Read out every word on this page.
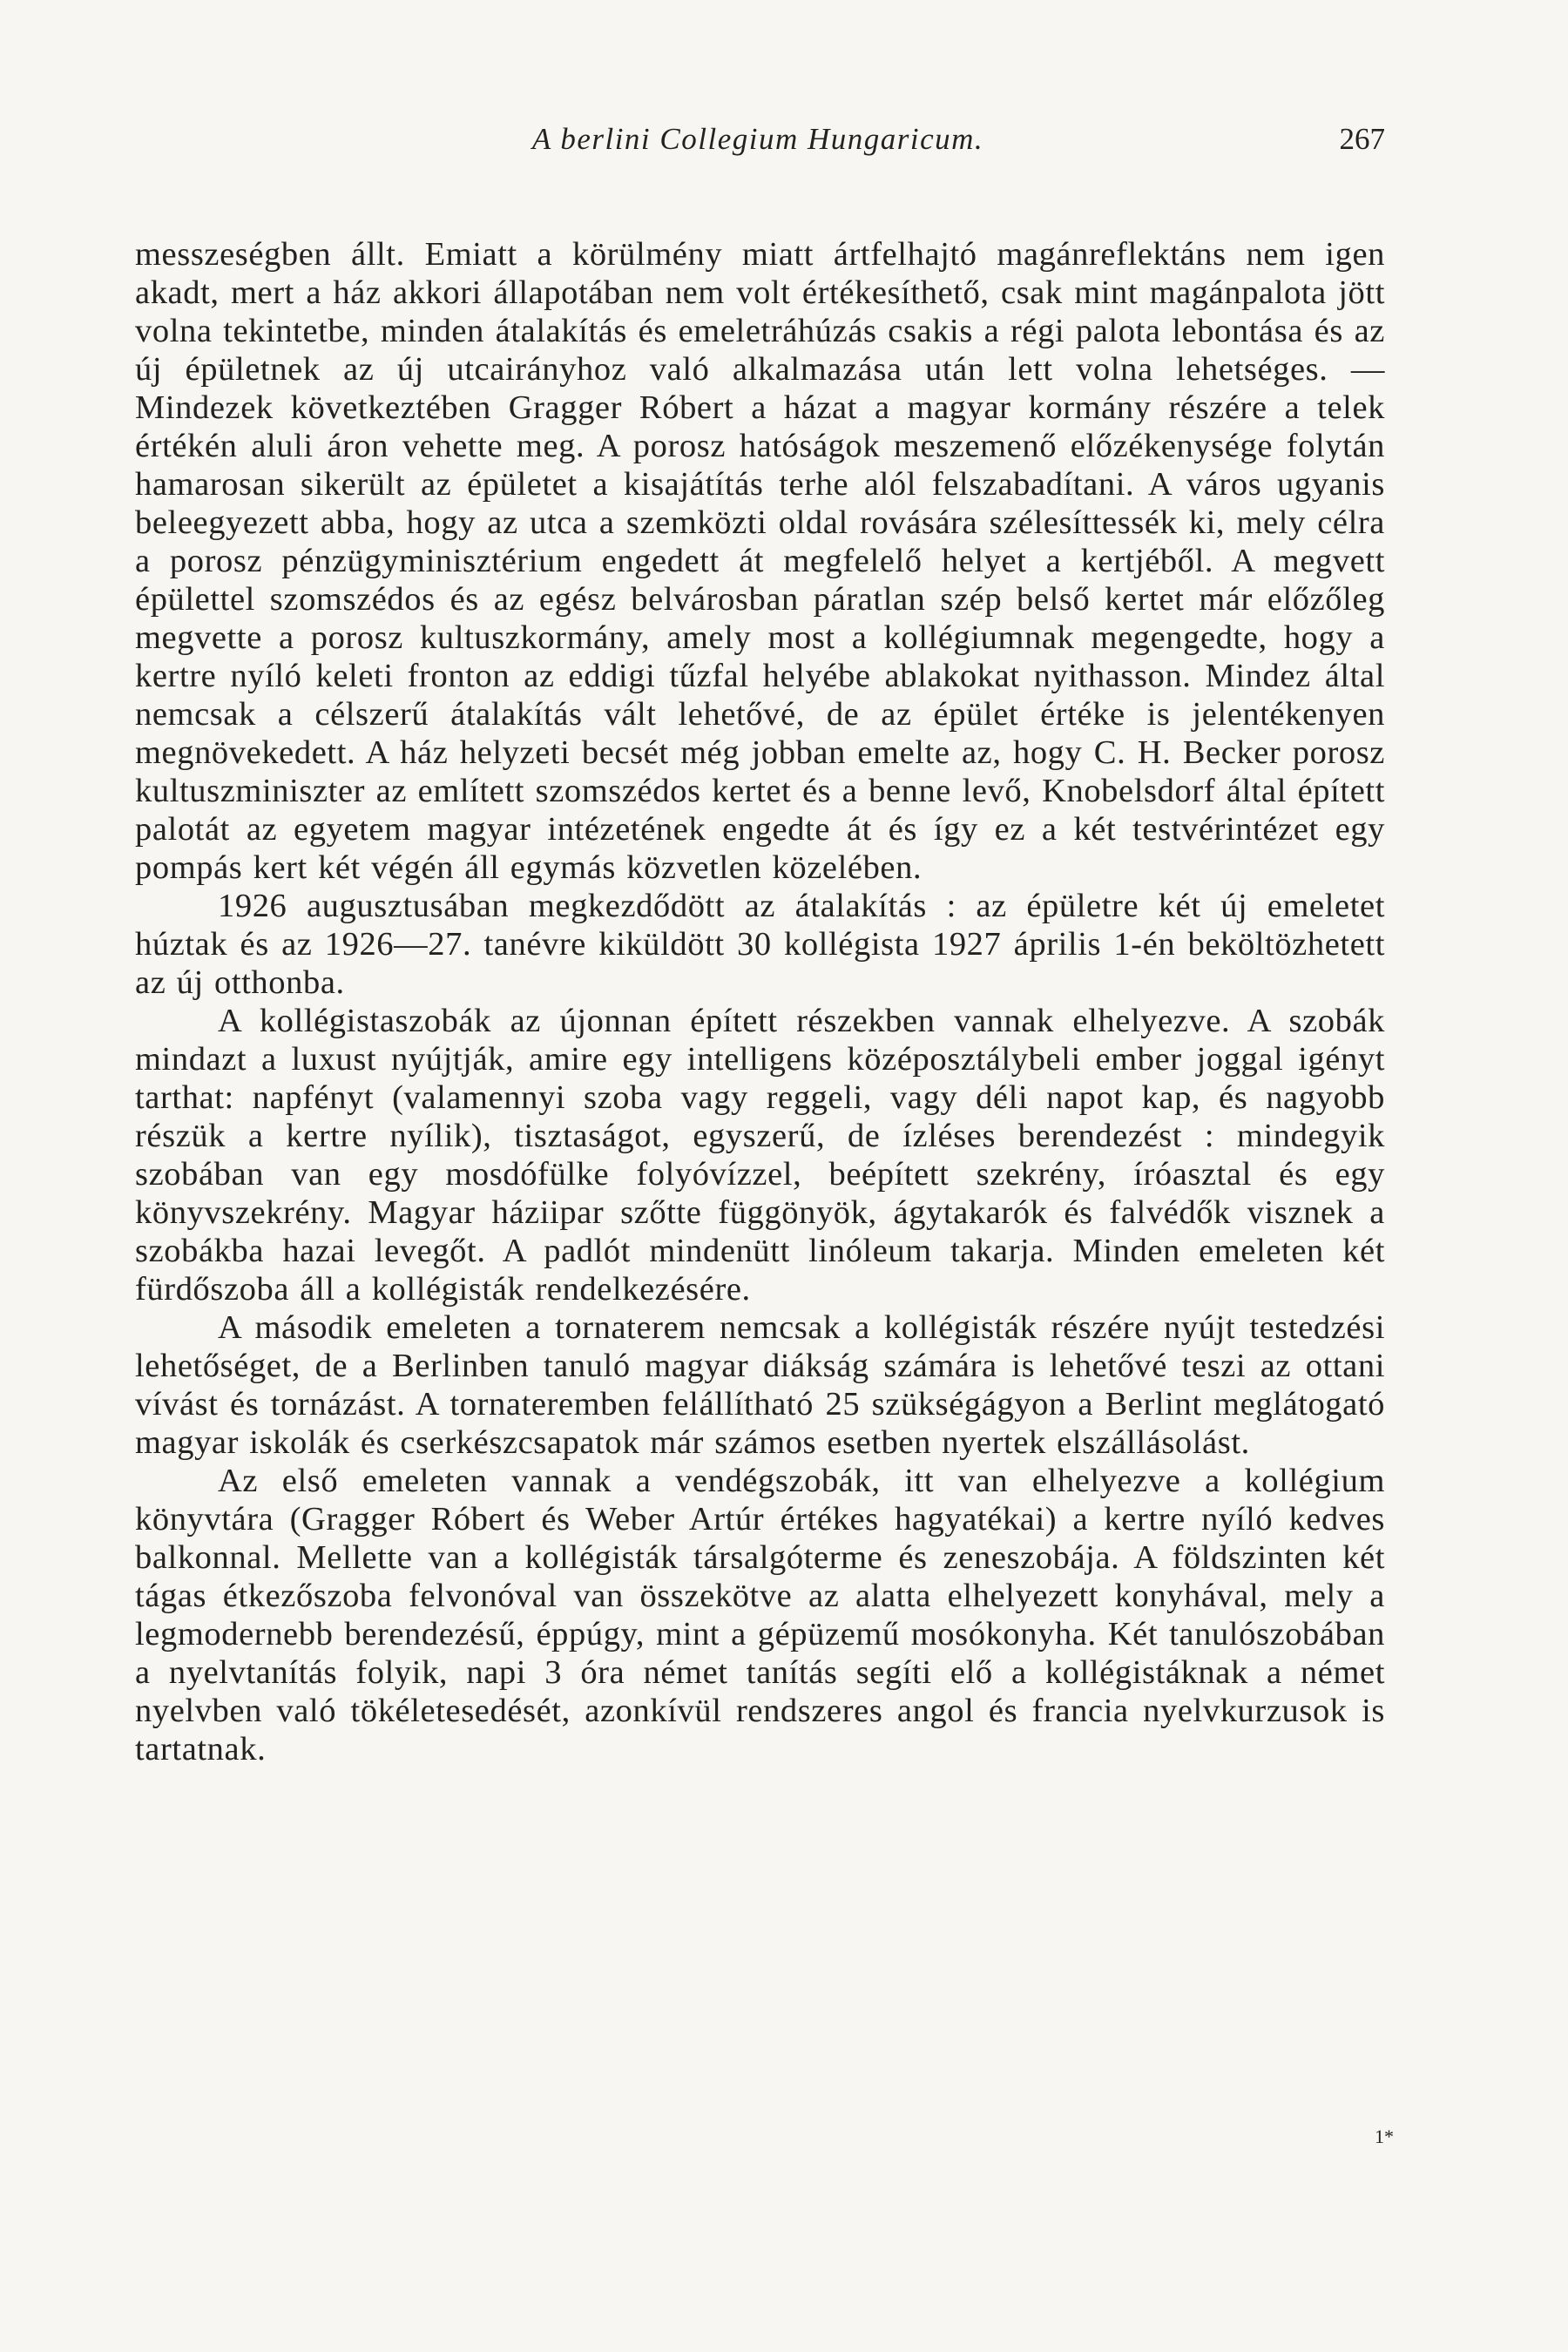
A berlini Collegium Hungaricum.	267

messzeségben állt. Emiatt a körülmény miatt ártfelhajtó magánreflektáns nem igen akadt, mert a ház akkori állapotában nem volt értékesíthető, csak mint magánpalota jött volna tekintetbe, minden átalakítás és emeletráhúzás csakis a régi palota lebontása és az új épületnek az új utcairányhoz való alkalmazása után lett volna lehetséges. — Mindezek következtében Gragger Róbert a házat a magyar kormány részére a telek értékén aluli áron vehette meg. A porosz hatóságok meszemenő előzékenysége folytán hamarosan sikerült az épületet a kisajátítás terhe alól felszabadítani. A város ugyanis beleegyezett abba, hogy az utca a szemközti oldal rovására szélesíttessék ki, mely célra a porosz pénzügyminisztérium engedett át megfelelő helyet a kertjéből. A megvett épülettel szomszédos és az egész belvárosban páratlan szép belső kertet már előzőleg megvette a porosz kultuszkormány, amely most a kollégiumnak megengedte, hogy a kertre nyíló keleti fronton az eddigi tűzfal helyébe ablakokat nyithasson. Mindez által nemcsak a célszerű átalakítás vált lehetővé, de az épület értéke is jelentékenyen megnövekedett. A ház helyzeti becsét még jobban emelte az, hogy C. H. Becker porosz kultuszminiszter az említett szomszédos kertet és a benne levő, Knobelsdorf által épített palotát az egyetem magyar intézetének engedte át és így ez a két testvérintézet egy pompás kert két végén áll egymás közvetlen közelében.

1926 augusztusában megkezdődött az átalakítás : az épületre két új emeletet húztak és az 1926—27. tanévre kiküldött 30 kollégista 1927 április 1-én beköltözhetett az új otthonba.

A kollégistaszobák az újonnan épített részekben vannak elhelyezve. A szobák mindazt a luxust nyújtják, amire egy intelligens középosztálybeli ember joggal igényt tarthat: napfényt (valamennyi szoba vagy reggeli, vagy déli napot kap, és nagyobb részük a kertre nyílik), tisztaságot, egyszerű, de ízléses berendezést : mindegyik szobában van egy mosdófülke folyóvízzel, beépített szekrény, íróasztal és egy könyvszekrény. Magyar háziipar szőtte függönyök, ágytakarók és falvédők visznek a szobákba hazai levegőt. A padlót mindenütt linóleum takarja. Minden emeleten két fürdőszoba áll a kollégisták rendelkezésére.

A második emeleten a tornaterem nemcsak a kollégisták részére nyújt testedzési lehetőséget, de a Berlinben tanuló magyar diákság számára is lehetővé teszi az ottani vívást és tornázást. A tornateremben felállítható 25 szükségágyon a Berlint meglátogató magyar iskolák és cserkészcsapatok már számos esetben nyertek elszállásolást.

Az első emeleten vannak a vendégszobák, itt van elhelyezve a kollégium könyvtára (Gragger Róbert és Weber Artúr értékes hagyatékai) a kertre nyíló kedves balkonnal. Mellette van a kollégisták társalgóterme és zeneszobája. A földszinten két tágas étkezőszoba felvonóval van összekötve az alatta elhelyezett konyhával, mely a legmodernebb berendezésű, éppúgy, mint a gépüzemű mosókonyha. Két tanulószobában a nyelvtanítás folyik, napi 3 óra német tanítás segíti elő a kollégistáknak a német nyelvben való tökéletesedését, azonkívül rendszeres angol és francia nyelvkurzusok is tartatnak.

1*
